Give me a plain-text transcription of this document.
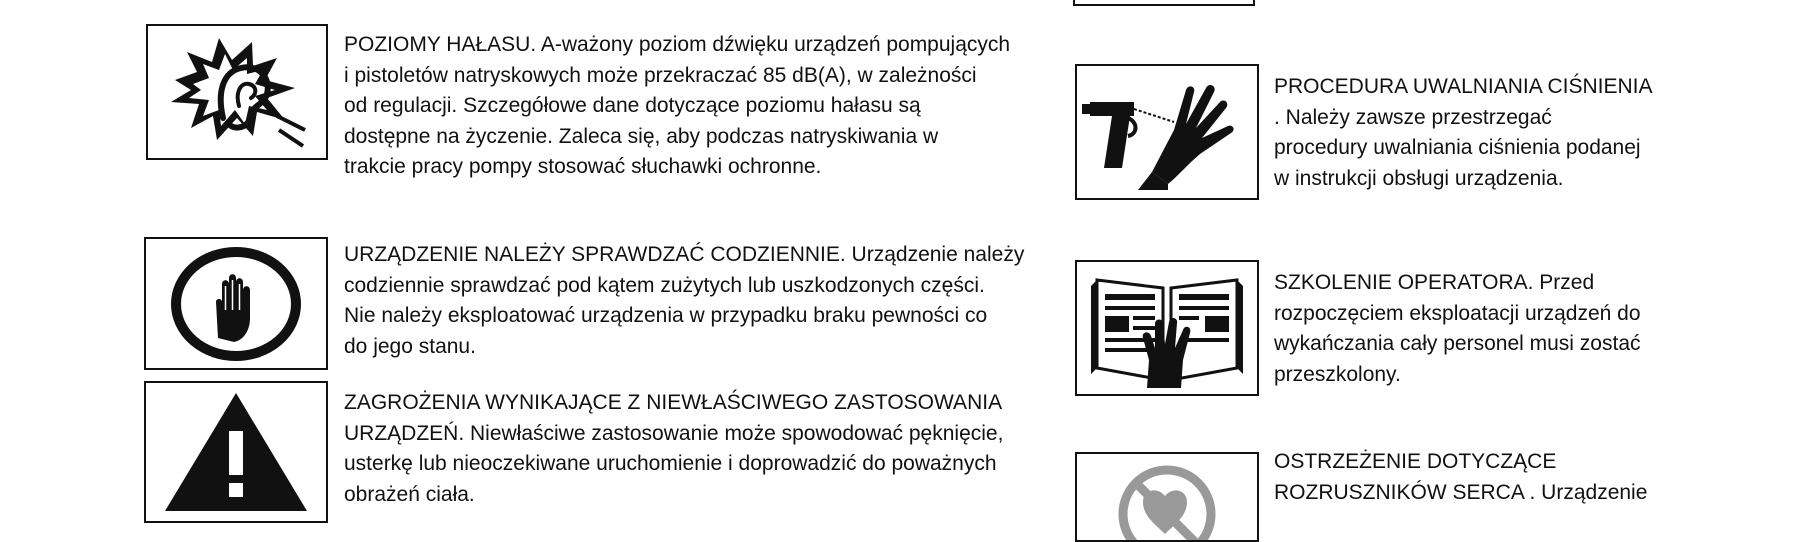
POZIOMY HAŁASU. A-ważony poziom dźwięku urządzeń pompujących
i pistoletów natryskowych może przekraczać 85 dB(A), w zależności
od regulacji. Szczegółowe dane dotyczące poziomu hałasu są
dostępne na życzenie. Zaleca się, aby podczas natryskiwania w
trakcie pracy pompy stosować słuchawki ochronne.
URZĄDZENIE NALEŻY SPRAWDZAĆ CODZIENNIE. Urządzenie należy
codziennie sprawdzać pod kątem zużytych lub uszkodzonych części.
Nie należy eksploatować urządzenia w przypadku braku pewności co
do jego stanu.
ZAGROŻENIA WYNIKAJĄCE Z NIEWŁAŚCIWEGO ZASTOSOWANIA
URZĄDZEŃ. Niewłaściwe zastosowanie może spowodować pęknięcie,
usterkę lub nieoczekiwane uruchomienie i doprowadzić do poważnych
obrażeń ciała.
PROCEDURA UWALNIANIA CIŚNIENIA
. Należy zawsze przestrzegać
procedury uwalniania ciśnienia podanej
w instrukcji obsługi urządzenia.
SZKOLENIE OPERATORA. Przed
rozpoczęciem eksploatacji urządzeń do
wykańczania cały personel musi zostać
przeszkolony.
OSTRZEŻENIE DOTYCZĄCE
ROZRUSZNIKÓW SERCA . Urządzenie
